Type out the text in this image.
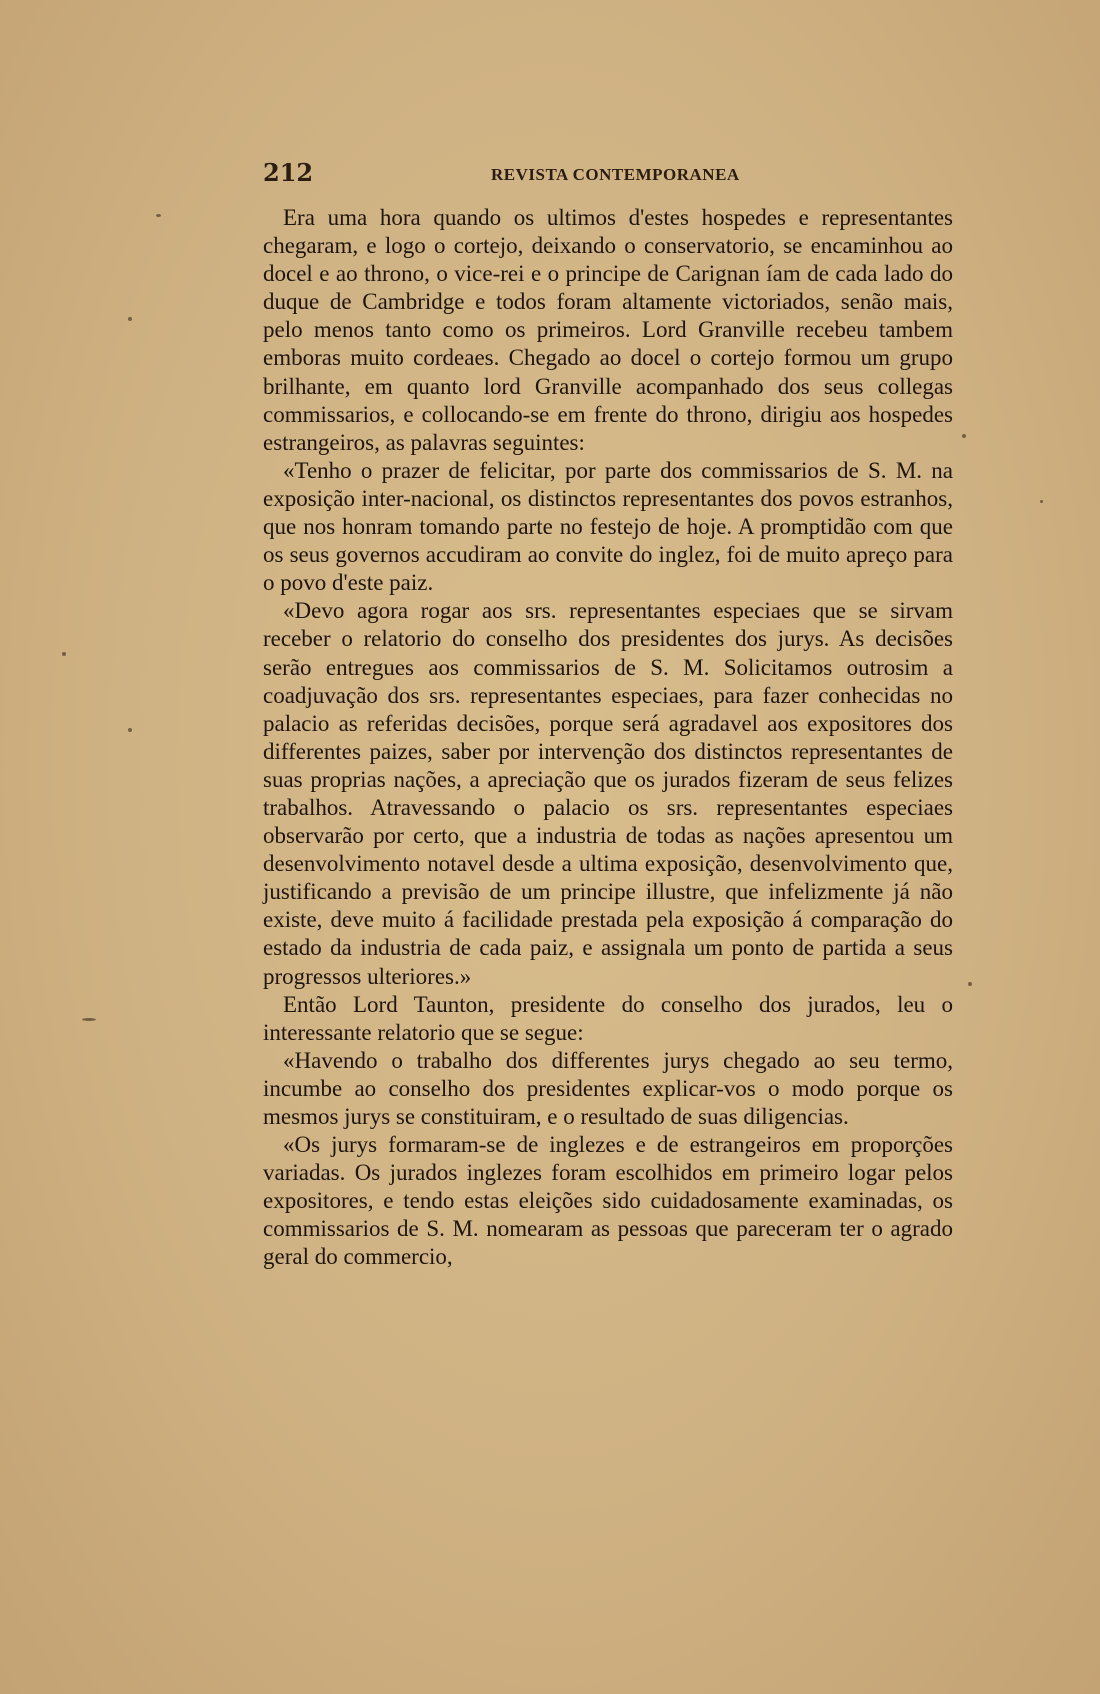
212	REVISTA CONTEMPORANEA

Era uma hora quando os ultimos d'estes hospedes e representantes chegaram, e logo o cortejo, deixando o conservatorio, se encaminhou ao docel e ao throno, o vice-rei e o principe de Carignan íam de cada lado do duque de Cambridge e todos foram altamente victoriados, senão mais, pelo menos tanto como os primeiros. Lord Granville recebeu tambem emboras muito cordeaes. Chegado ao docel o cortejo formou um grupo brilhante, em quanto lord Granville acompanhado dos seus collegas commissarios, e collocando-se em frente do throno, dirigiu aos hospedes estrangeiros, as palavras seguintes:

«Tenho o prazer de felicitar, por parte dos commissarios de S. M. na exposição inter-nacional, os distinctos representantes dos povos estranhos, que nos honram tomando parte no festejo de hoje. A promptidão com que os seus governos accudiram ao convite do inglez, foi de muito apreço para o povo d'este paiz.

«Devo agora rogar aos srs. representantes especiaes que se sirvam receber o relatorio do conselho dos presidentes dos jurys. As decisões serão entregues aos commissarios de S. M. Solicitamos outrosim a coadjuvação dos srs. representantes especiaes, para fazer conhecidas no palacio as referidas decisões, porque será agradavel aos expositores dos differentes paizes, saber por intervenção dos distinctos representantes de suas proprias nações, a apreciação que os jurados fizeram de seus felizes trabalhos. Atravessando o palacio os srs. representantes especiaes observarão por certo, que a industria de todas as nações apresentou um desenvolvimento notavel desde a ultima exposição, desenvolvimento que, justificando a previsão de um principe illustre, que infelizmente já não existe, deve muito á facilidade prestada pela exposição á comparação do estado da industria de cada paiz, e assignala um ponto de partida a seus progressos ulteriores.»

Então Lord Taunton, presidente do conselho dos jurados, leu o interessante relatorio que se segue:

«Havendo o trabalho dos differentes jurys chegado ao seu termo, incumbe ao conselho dos presidentes explicar-vos o modo porque os mesmos jurys se constituiram, e o resultado de suas diligencias.

«Os jurys formaram-se de inglezes e de estrangeiros em proporções variadas. Os jurados inglezes foram escolhidos em primeiro logar pelos expositores, e tendo estas eleições sido cuidadosamente examinadas, os commissarios de S. M. nomearam as pessoas que pareceram ter o agrado geral do commercio,
